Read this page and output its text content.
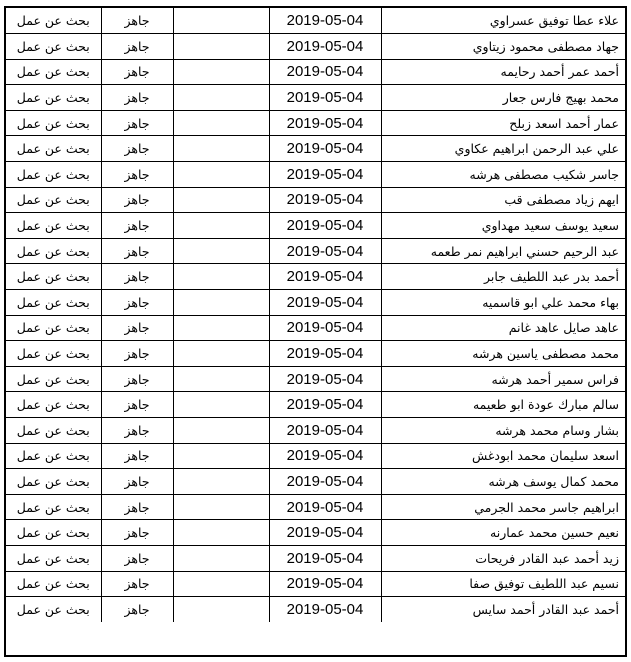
بحث عن عمل	جاهز		2019-05-04	علاء عطا توفيق عسراوي
بحث عن عمل	جاهز		2019-05-04	جهاد مصطفى محمود زيتاوي
بحث عن عمل	جاهز		2019-05-04	أحمد عمر أحمد رحايمه
بحث عن عمل	جاهز		2019-05-04	محمد بهيج فارس جعار
بحث عن عمل	جاهز		2019-05-04	عمار أحمد اسعد زبلح
بحث عن عمل	جاهز		2019-05-04	علي عبد الرحمن ابراهيم عكاوي
بحث عن عمل	جاهز		2019-05-04	جاسر شكيب مصطفى هرشه
بحث عن عمل	جاهز		2019-05-04	ايهم زياد مصطفى قب
بحث عن عمل	جاهز		2019-05-04	سعيد يوسف سعيد مهداوي
بحث عن عمل	جاهز		2019-05-04	عبد الرحيم حسني ابراهيم نمر طعمه
بحث عن عمل	جاهز		2019-05-04	أحمد بدر عبد اللطيف جابر
بحث عن عمل	جاهز		2019-05-04	بهاء محمد علي ابو قاسميه
بحث عن عمل	جاهز		2019-05-04	عاهد صايل عاهد غانم
بحث عن عمل	جاهز		2019-05-04	محمد مصطفى ياسين هرشه
بحث عن عمل	جاهز		2019-05-04	فراس سمير أحمد هرشه
بحث عن عمل	جاهز		2019-05-04	سالم مبارك عودة ابو طعيمه
بحث عن عمل	جاهز		2019-05-04	بشار وسام محمد هرشه
بحث عن عمل	جاهز		2019-05-04	اسعد سليمان محمد ابودغش
بحث عن عمل	جاهز		2019-05-04	محمد كمال يوسف هرشه
بحث عن عمل	جاهز		2019-05-04	ابراهيم جاسر محمد الجرمي
بحث عن عمل	جاهز		2019-05-04	نعيم حسين محمد عمارنه
بحث عن عمل	جاهز		2019-05-04	زيد أحمد عبد القادر فريحات
بحث عن عمل	جاهز		2019-05-04	نسيم عبد اللطيف توفيق صفا
بحث عن عمل	جاهز		2019-05-04	أحمد عبد القادر أحمد سايس
